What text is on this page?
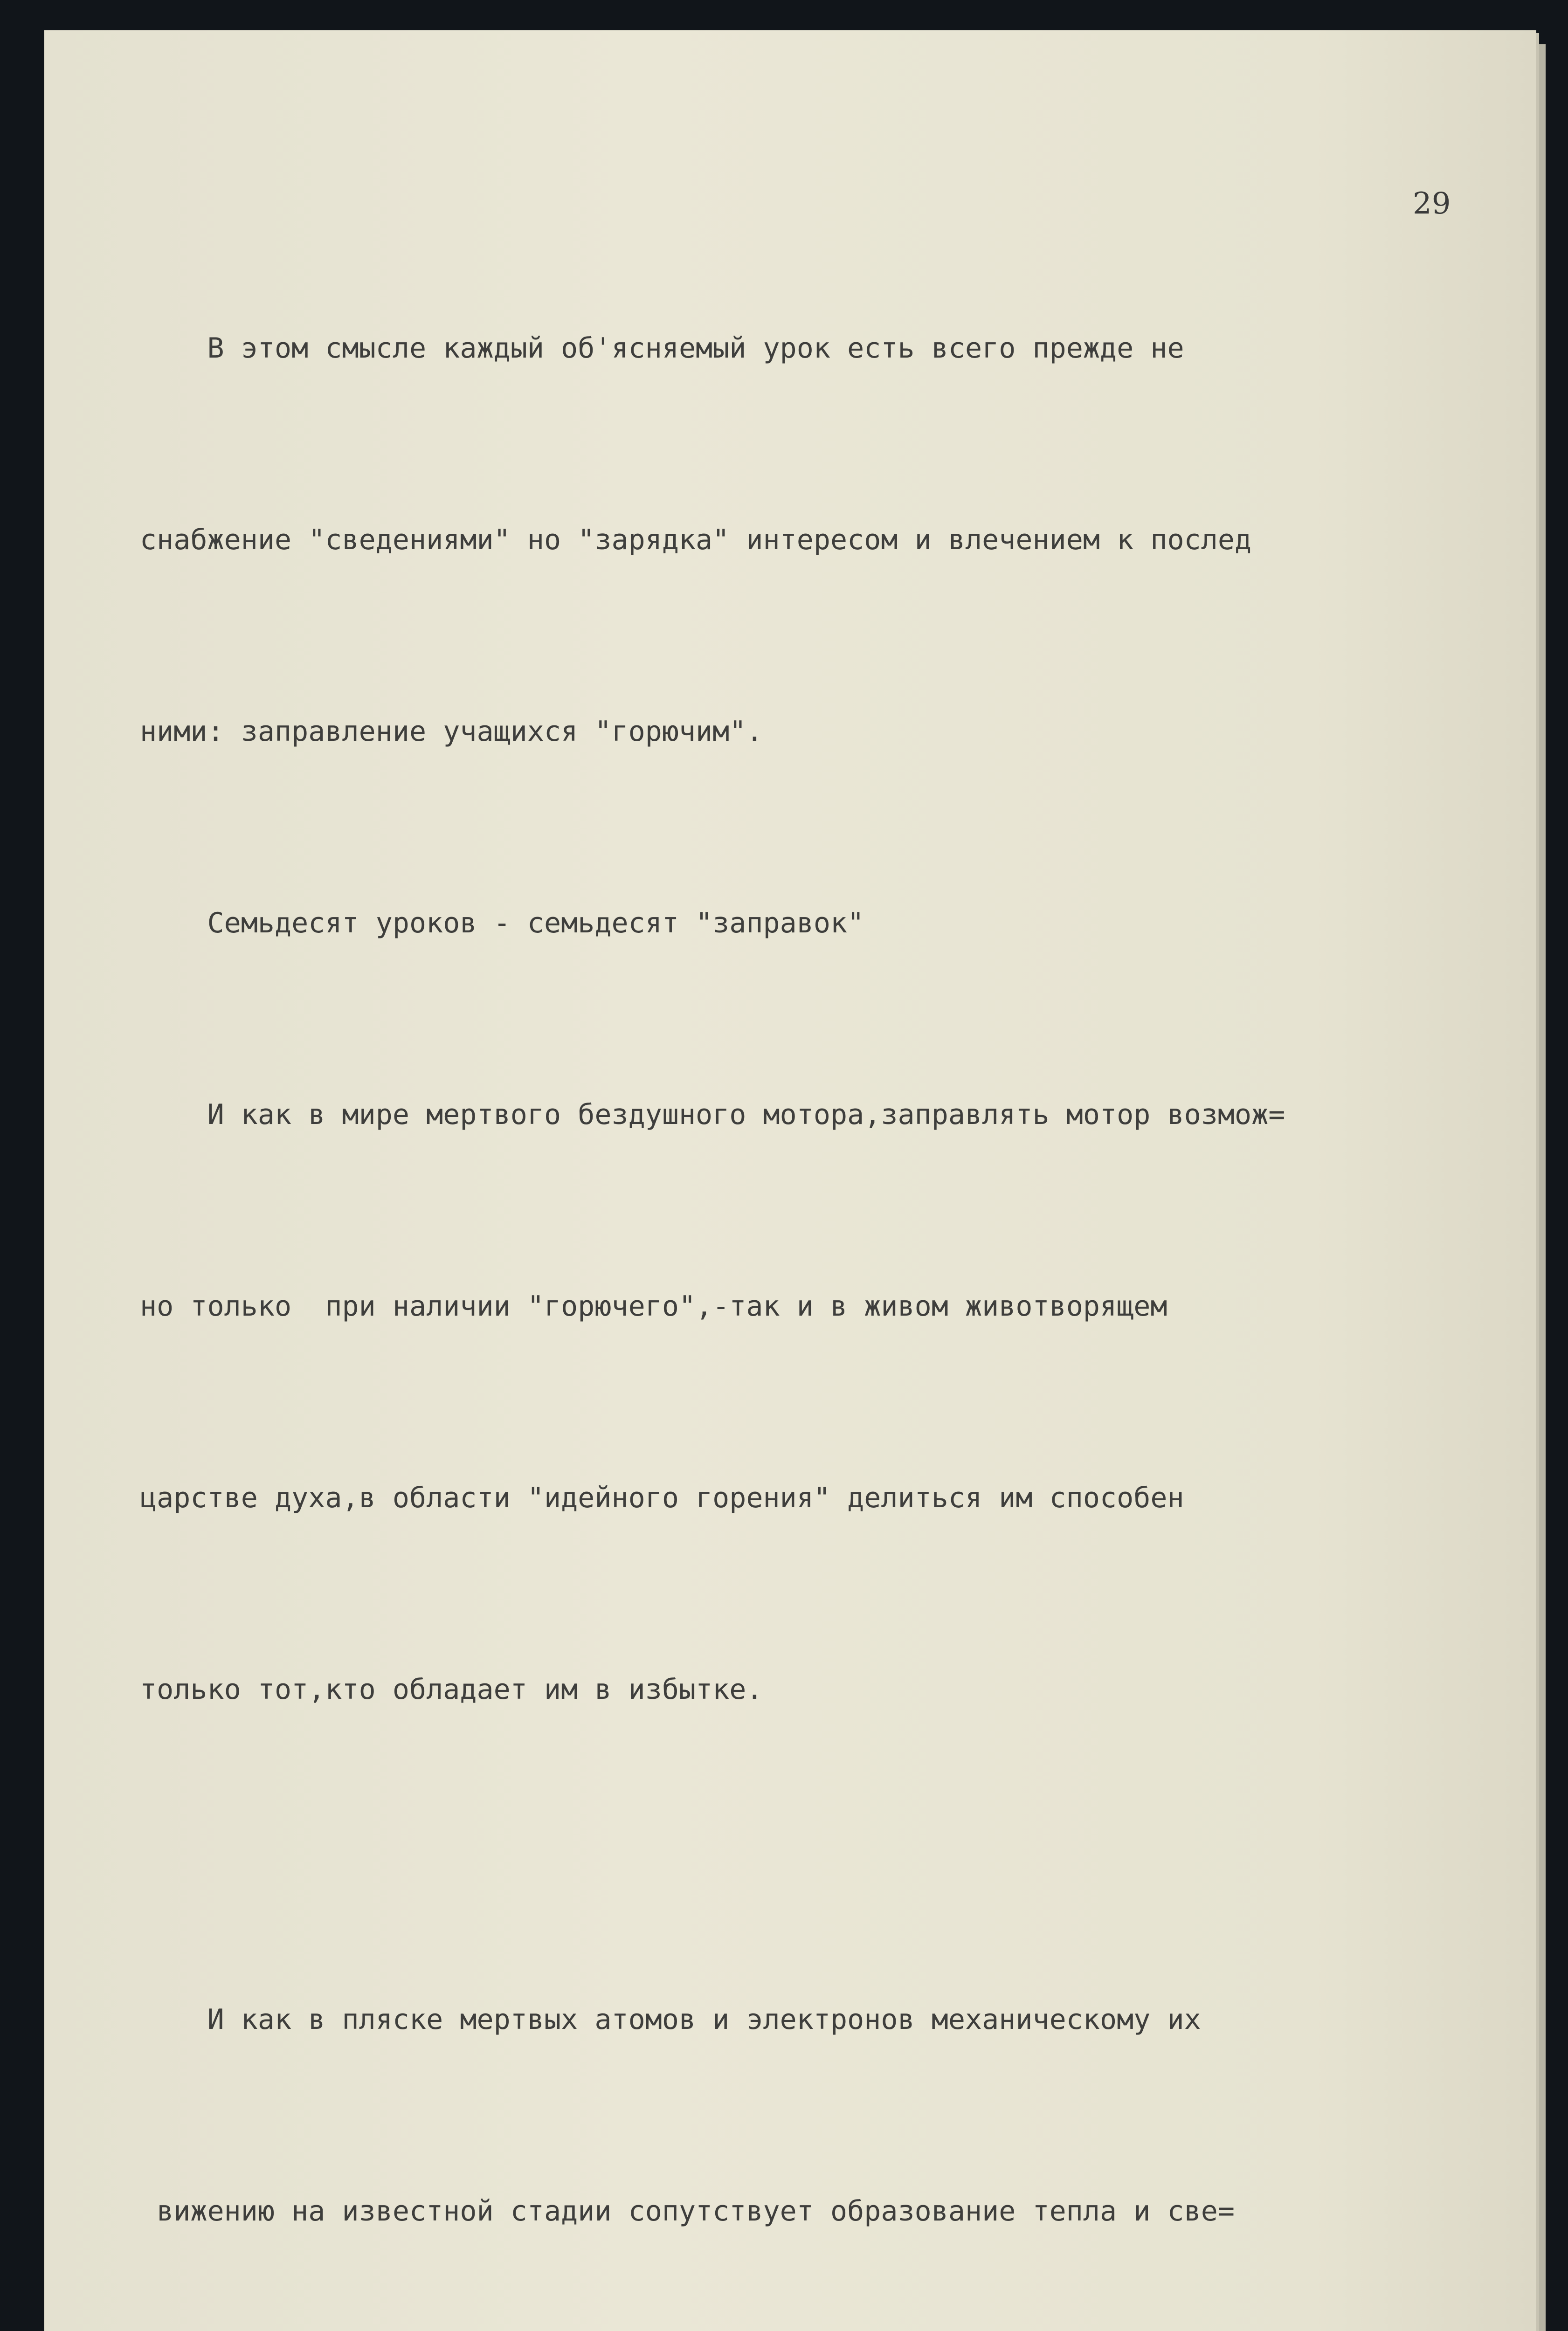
29

В этом смысле каждый об'ясняемый урок есть всего прежде не

снабжение "сведениями" но "зарядка" интересом и влечением к послед

ними: заправление учащихся "горючим".

Семьдесят уроков - семьдесят "заправок"

И как в мире мертвого бездушного мотора,заправлять мотор возмож=

но только  при наличии "горючего",-так и в живом животворящем

царстве духа,в области "идейного горения" делиться им способен

только тот,кто обладает им в избытке.

И как в пляске мертвых атомов и электронов механическому их

вижению на известной стадии сопутствует образование тепла и све=
